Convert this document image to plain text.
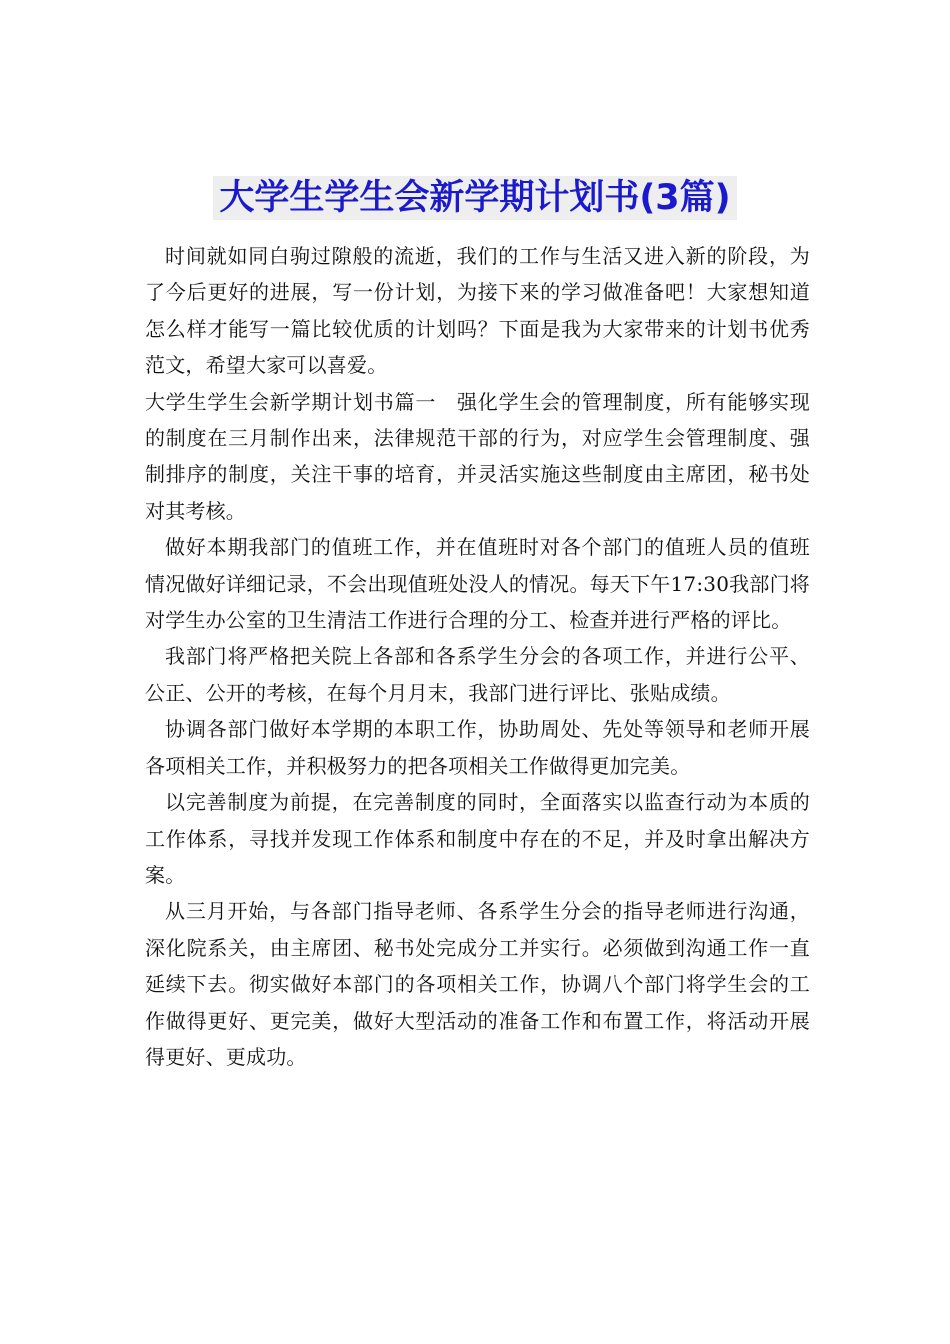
大学生学生会新学期计划书(3篇)

时间就如同白驹过隙般的流逝，我们的工作与生活又进入新的阶段，为了今后更好的进展，写一份计划，为接下来的学习做准备吧！大家想知道怎么样才能写一篇比较优质的计划吗？下面是我为大家带来的计划书优秀范文，希望大家可以喜爱。

大学生学生会新学期计划书篇一　强化学生会的管理制度，所有能够实现的制度在三月制作出来，法律规范干部的行为，对应学生会管理制度、强制排序的制度，关注干事的培育，并灵活实施这些制度由主席团，秘书处对其考核。

做好本期我部门的值班工作，并在值班时对各个部门的值班人员的值班情况做好详细记录，不会出现值班处没人的情况。每天下午17:30我部门将对学生办公室的卫生清洁工作进行合理的分工、检查并进行严格的评比。

我部门将严格把关院上各部和各系学生分会的各项工作，并进行公平、公正、公开的考核，在每个月月末，我部门进行评比、张贴成绩。

协调各部门做好本学期的本职工作，协助周处、先处等领导和老师开展各项相关工作，并积极努力的把各项相关工作做得更加完美。

以完善制度为前提，在完善制度的同时，全面落实以监查行动为本质的工作体系，寻找并发现工作体系和制度中存在的不足，并及时拿出解决方案。

从三月开始，与各部门指导老师、各系学生分会的指导老师进行沟通，深化院系关，由主席团、秘书处完成分工并实行。必须做到沟通工作一直延续下去。彻实做好本部门的各项相关工作，协调八个部门将学生会的工作做得更好、更完美，做好大型活动的准备工作和布置工作，将活动开展得更好、更成功。
